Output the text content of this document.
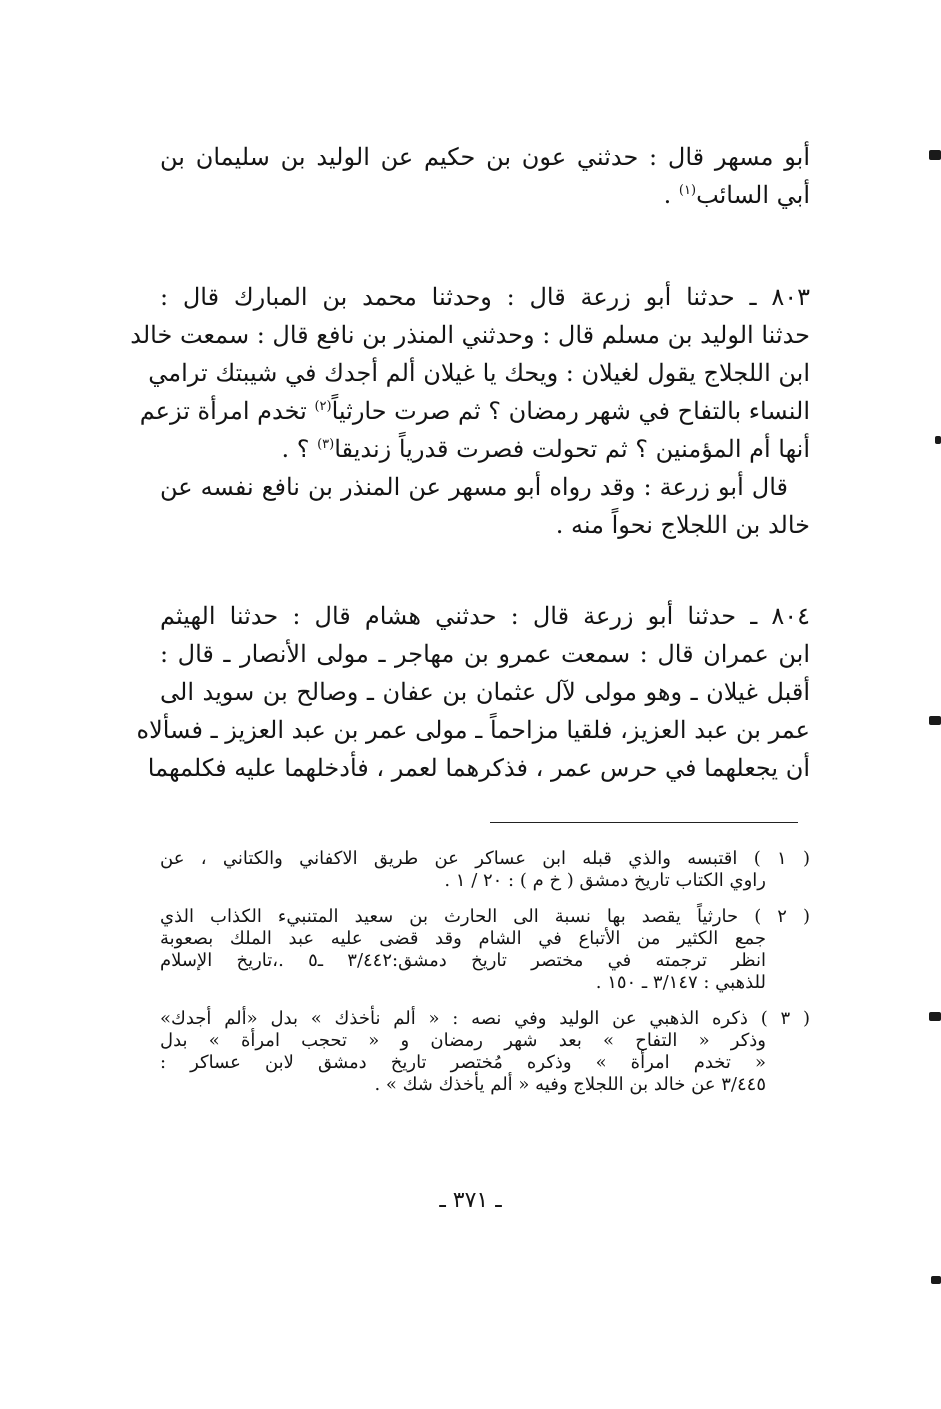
أبو مسهر قال : حدثني عون بن حكيم عن الوليد بن سليمان بن
أبي السائب$^{(١)}$ .
٨٠٣ ـ حدثنا أبو زرعة قال : وحدثنا محمد بن المبارك قال :
حدثنا الوليد بن مسلم قال : وحدثني المنذر بن نافع قال : سمعت خالد
ابن اللجلاج يقول لغيلان : ويحك يا غيلان ألم أجدك في شيبتك ترامي
النساء بالتفاح في شهر رمضان ؟ ثم صرت حارثياً$^{(٢)}$ تخدم امرأة تزعم
أنها أم المؤمنين ؟ ثم تحولت فصرت قدرياً زنديقا$^{(٣)}$ ؟ .
قال أبو زرعة : وقد رواه أبو مسهر عن المنذر بن نافع نفسه عن
خالد بن اللجلاج نحواً منه .
٨٠٤ ـ حدثنا أبو زرعة قال : حدثني هشام قال : حدثنا الهيثم
ابن عمران قال : سمعت عمرو بن مهاجر ـ مولى الأنصار ـ قال :
أقبل غيلان ـ وهو مولى لآل عثمان بن عفان ـ وصالح بن سويد الى
عمر بن عبد العزيز، فلقيا مزاحماً ـ مولى عمر بن عبد العزيز ـ فسألاه
أن يجعلهما في حرس عمر ، فذكرهما لعمر ، فأدخلهما عليه فكلمهما
( ١ ) اقتبسه والذي قبله ابن عساكر عن طريق الاكفاني والكتاني ، عن
راوي الكتاب تاريخ دمشق ( خ م ) : ٢٠ / ١ .
( ٢ ) حارثياً يقصد بها نسبة الى الحارث بن سعيد المتنبيء الكذاب الذي
جمع الكثير من الأتباع في الشام وقد قضى عليه عبد الملك بصعوبة
انظر ترجمته في مختصر تاريخ دمشق:٣/٤٤٢ ـ٥ .،تاريخ الإسلام
للذهبي : ٣/١٤٧ ـ ١٥٠ .
( ٣ ) ذكره الذهبي عن الوليد وفي نصه : « ألم نأخذك » بدل «ألم أجدك»
وذكر « التفاح » بعد شهر رمضان و « تحجب امرأة » بدل
« تخدم امرأة » وذكره مُختصر تاريخ دمشق لابن عساكر :
٣/٤٤٥ عن خالد بن اللجلاج وفيه « ألم يأخذك شك » .
ـ ٣٧١ ـ
